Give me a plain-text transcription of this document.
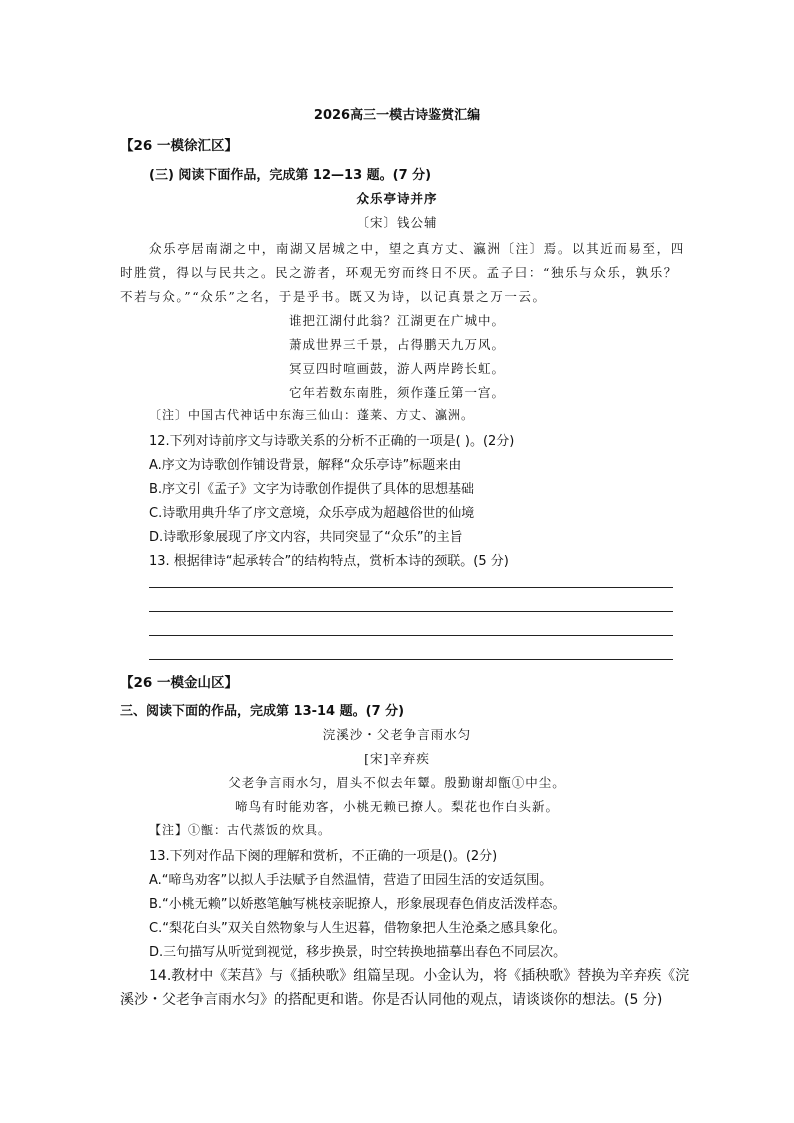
2026高三一模古诗鉴赏汇编
【26 一模徐汇区】
(三) 阅读下面作品，完成第 12—13 题。(7 分)
众乐亭诗并序
〔宋〕钱公辅
众乐亭居南湖之中，南湖又居城之中，望之真方丈、瀛洲〔注〕焉。以其近而易至，四
时胜赏，得以与民共之。民之游者，环观无穷而终日不厌。孟子曰：“独乐与众乐，孰乐？
不若与众。”“众乐”之名，于是乎书。既又为诗，以记真景之万一云。
谁把江湖付此翁？江湖更在广城中。
萧成世界三千景，占得鹏天九万风。
冥豆四时喧画鼓，游人两岸跨长虹。
它年若数东南胜，须作蓬丘第一宫。
〔注〕中国古代神话中东海三仙山：蓬莱、方丈、瀛洲。
12.下列对诗前序文与诗歌关系的分析不正确的一项是( )。(2分)
A.序文为诗歌创作铺设背景，解释“众乐亭诗”标题来由
B.序文引《孟子》文字为诗歌创作提供了具体的思想基础
C.诗歌用典升华了序文意境，众乐亭成为超越俗世的仙境
D.诗歌形象展现了序文内容，共同突显了“众乐”的主旨
13. 根据律诗“起承转合”的结构特点，赏析本诗的颈联。(5 分)
【26 一模金山区】
三、阅读下面的作品，完成第 13-14 题。(7 分)
浣溪沙・父老争言雨水匀
[宋]辛弃疾
父老争言雨水匀，眉头不似去年颦。殷勤谢却甑①中尘。
啼鸟有时能劝客，小桃无赖已撩人。梨花也作白头新。
【注】①甑：古代蒸饭的炊具。
13.下列对作品下阕的理解和赏析，不正确的一项是()。(2分)
A.“啼鸟劝客”以拟人手法赋予自然温情，营造了田园生活的安适氛围。
B.“小桃无赖”以娇憨笔触写桃枝亲昵撩人，形象展现春色俏皮活泼样态。
C.“梨花白头”双关自然物象与人生迟暮，借物象把人生沧桑之感具象化。
D.三句描写从听觉到视觉，移步换景，时空转换地描摹出春色不同层次。
14.教材中《茉莒》与《插秧歌》组篇呈现。小金认为，将《插秧歌》替换为辛弃疾《浣
溪沙・父老争言雨水匀》的搭配更和谐。你是否认同他的观点，请谈谈你的想法。(5 分)
